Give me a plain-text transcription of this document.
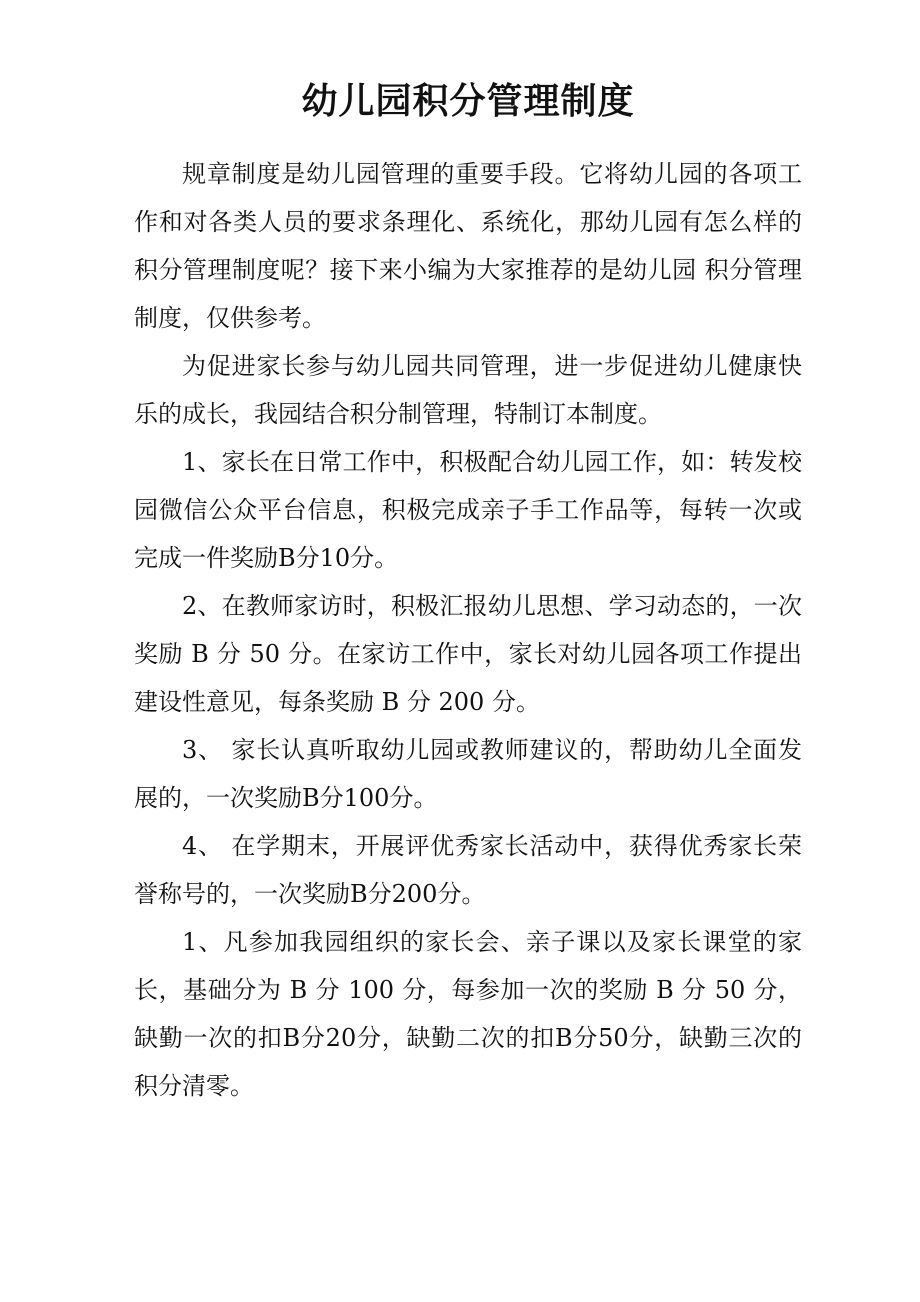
幼儿园积分管理制度

规章制度是幼儿园管理的重要手段。它将幼儿园的各项工作和对各类人员的要求条理化、系统化，那幼儿园有怎么样的积分管理制度呢？接下来小编为大家推荐的是幼儿园 积分管理制度，仅供参考。

为促进家长参与幼儿园共同管理，进一步促进幼儿健康快乐的成长，我园结合积分制管理，特制订本制度。

1、家长在日常工作中，积极配合幼儿园工作，如：转发校园微信公众平台信息，积极完成亲子手工作品等，每转一次或完成一件奖励B分10分。

2、在教师家访时，积极汇报幼儿思想、学习动态的，一次奖励 B 分 50 分。在家访工作中，家长对幼儿园各项工作提出建设性意见，每条奖励 B 分 200 分。

3、 家长认真听取幼儿园或教师建议的，帮助幼儿全面发展的，一次奖励B分100分。

4、 在学期末，开展评优秀家长活动中，获得优秀家长荣誉称号的，一次奖励B分200分。

1、凡参加我园组织的家长会、亲子课以及家长课堂的家长，基础分为 B 分 100 分，每参加一次的奖励 B 分 50 分， 缺勤一次的扣B分20分，缺勤二次的扣B分50分，缺勤三次的积分清零。
